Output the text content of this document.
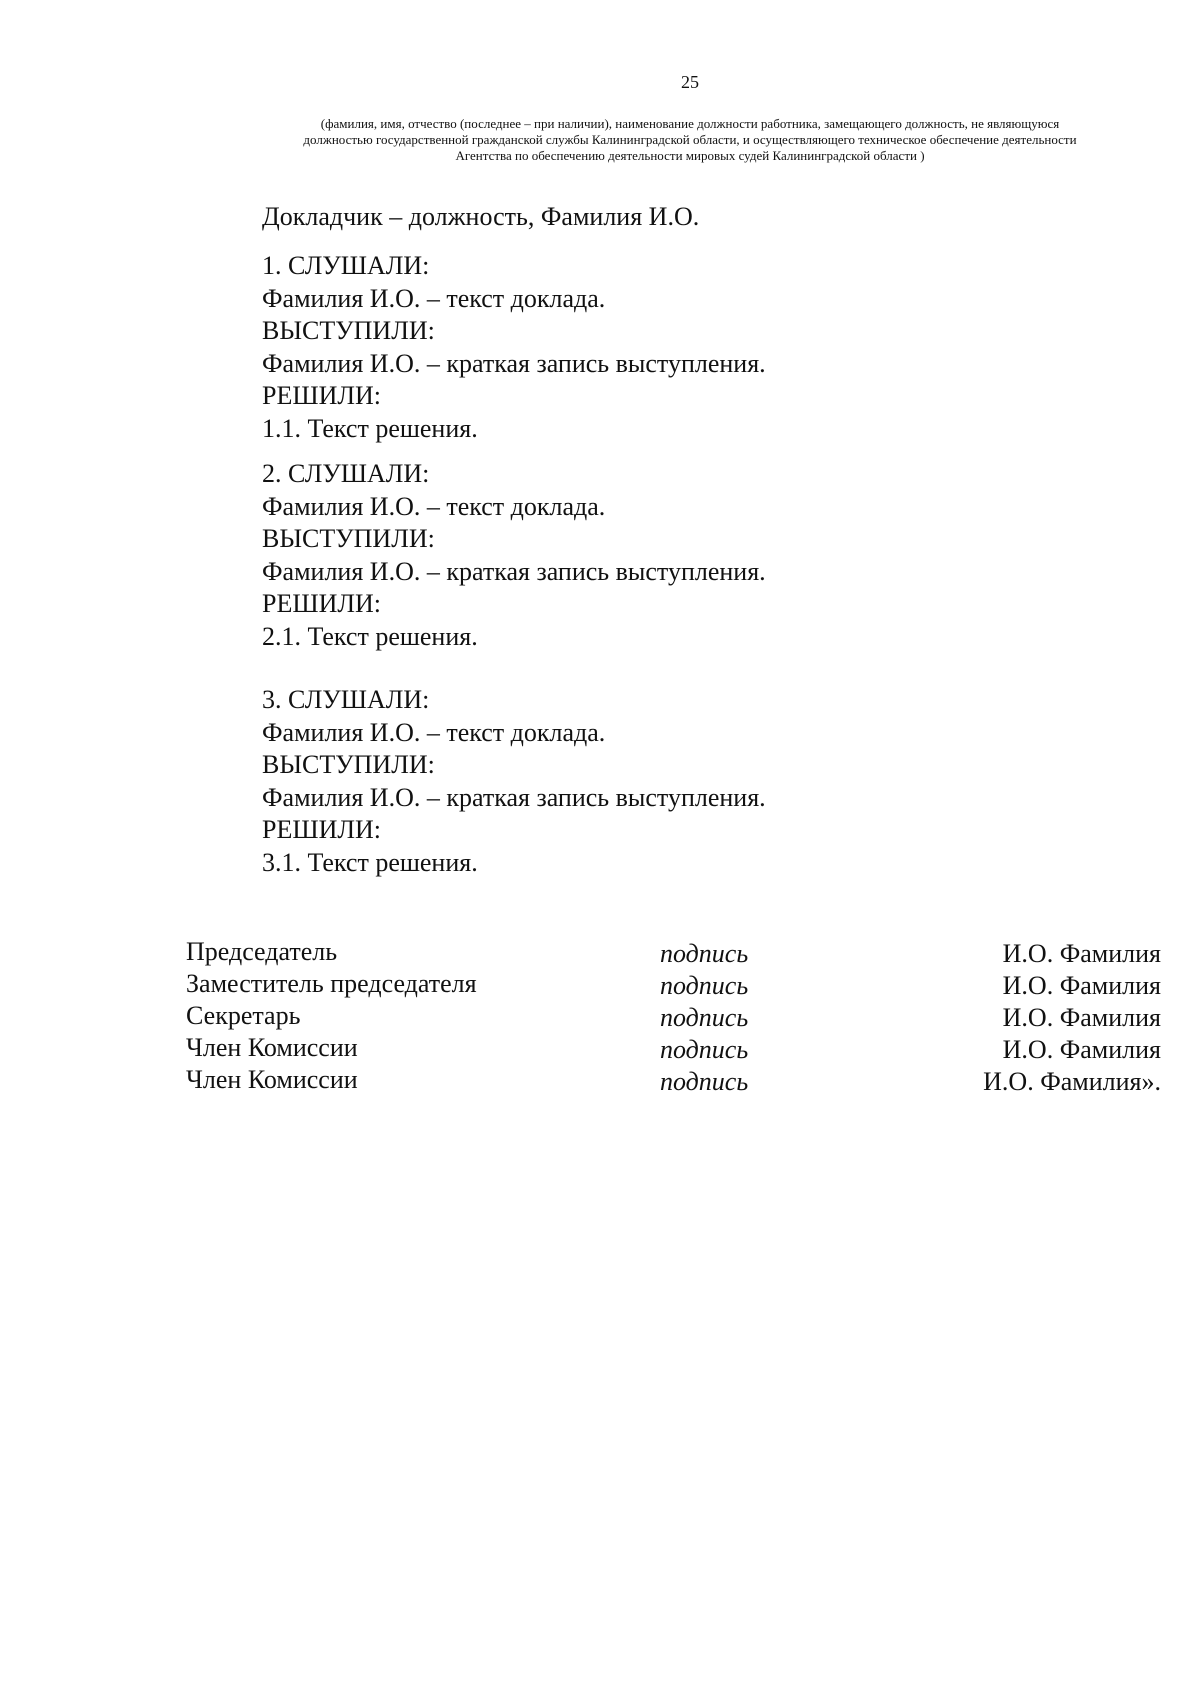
25
(фамилия, имя, отчество (последнее – при наличии), наименование должности работника, замещающего должность, не являющуюся
должностью государственной гражданской службы Калининградской области, и осуществляющего техническое обеспечение деятельности
Агентства по обеспечению деятельности мировых судей Калининградской области )
Докладчик – должность, Фамилия И.О.
1. СЛУШАЛИ:
Фамилия И.О. – текст доклада.
ВЫСТУПИЛИ:
Фамилия И.О. – краткая запись выступления.
РЕШИЛИ:
1.1. Текст решения.
2. СЛУШАЛИ:
Фамилия И.О. – текст доклада.
ВЫСТУПИЛИ:
Фамилия И.О. – краткая запись выступления.
РЕШИЛИ:
2.1. Текст решения.
3. СЛУШАЛИ:
Фамилия И.О. – текст доклада.
ВЫСТУПИЛИ:
Фамилия И.О. – краткая запись выступления.
РЕШИЛИ:
3.1. Текст решения.
Председатель	подпись	И.О. Фамилия
Заместитель председателя	подпись	И.О. Фамилия
Секретарь	подпись	И.О. Фамилия
Член Комиссии	подпись	И.О. Фамилия
Член Комиссии	подпись	И.О. Фамилия».
